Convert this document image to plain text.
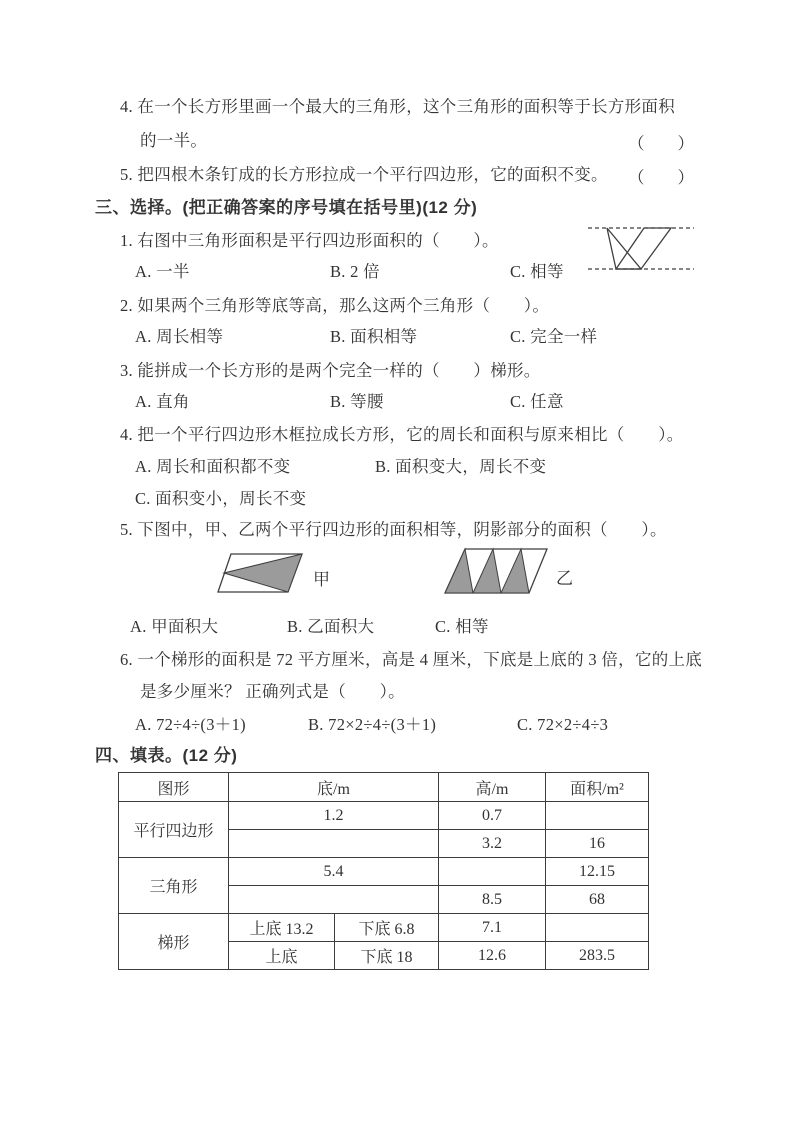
4. 在一个长方形里画一个最大的三角形，这个三角形的面积等于长方形面积
的一半。	（　　）
5. 把四根木条钉成的长方形拉成一个平行四边形，它的面积不变。 （　　）
三、选择。(把正确答案的序号填在括号里)(12 分)
1. 右图中三角形面积是平行四边形面积的（　　）。
A. 一半	B. 2 倍	C. 相等
2. 如果两个三角形等底等高，那么这两个三角形（　　）。
A. 周长相等	B. 面积相等	C. 完全一样
3. 能拼成一个长方形的是两个完全一样的（　　）梯形。
A. 直角	B. 等腰	C. 任意
4. 把一个平行四边形木框拉成长方形，它的周长和面积与原来相比（　　）。
A. 周长和面积都不变	B. 面积变大，周长不变
C. 面积变小，周长不变
5. 下图中，甲、乙两个平行四边形的面积相等，阴影部分的面积（　　）。
甲	乙
A. 甲面积大	B. 乙面积大	C. 相等
6. 一个梯形的面积是 72 平方厘米，高是 4 厘米，下底是上底的 3 倍，它的上底
是多少厘米？ 正确列式是（　　）。
A. 72÷4÷(3＋1)	B. 72×2÷4÷(3＋1)	C. 72×2÷4÷3
四、填表。(12 分)
图形	底/m		高/m	面积/m²
平行四边形	1.2		0.7	
			3.2	16
三角形	5.4			12.15
			8.5	68
梯形	上底 13.2	下底 6.8	7.1	
	上底	下底 18	12.6	283.5
